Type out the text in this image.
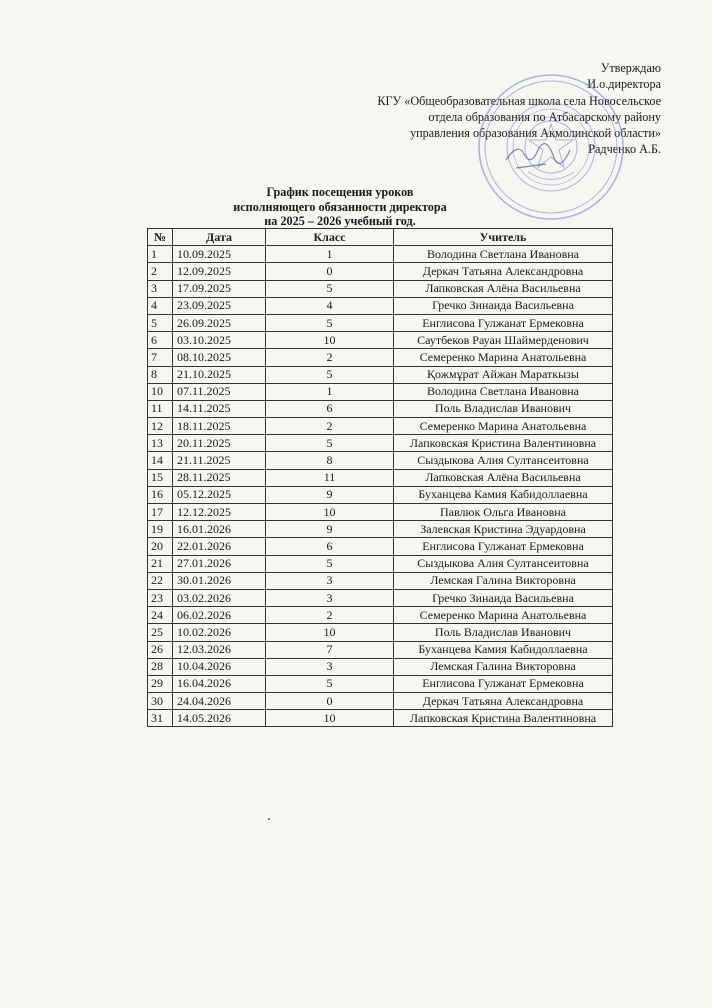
Утверждаю
И.о.директора
КГУ «Общеобразовательная школа села Новосельское
отдела образования по Атбасарскому району
управления образования Акмолинской области»
Радченко А.Б.
График посещения уроков
исполняющего обязанности директора
на 2025 – 2026 учебный год.
№	Дата	Класс	Учитель
1	10.09.2025	1	Володина Светлана Ивановна
2	12.09.2025	0	Деркач Татьяна Александровна
3	17.09.2025	5	Лапковская Алёна Васильевна
4	23.09.2025	4	Гречко Зинаида Васильевна
5	26.09.2025	5	Енглисова Гулжанат Ермековна
6	03.10.2025	10	Саутбеков Рауан Шаймерденович
7	08.10.2025	2	Семеренко Марина Анатольевна
8	21.10.2025	5	Қожмұрат Айжан Мараткызы
10	07.11.2025	1	Володина Светлана Ивановна
11	14.11.2025	6	Поль Владислав Иванович
12	18.11.2025	2	Семеренко Марина Анатольевна
13	20.11.2025	5	Лапковская Кристина Валентиновна
14	21.11.2025	8	Сыздыкова Алия Султансеитовна
15	28.11.2025	11	Лапковская Алёна Васильевна
16	05.12.2025	9	Буханцева Камия Кабидоллаевна
17	12.12.2025	10	Павлюк Ольга Ивановна
19	16.01.2026	9	Залевская Кристина Эдуардовна
20	22.01.2026	6	Енглисова Гулжанат Ермековна
21	27.01.2026	5	Сыздыкова Алия Султансеитовна
22	30.01.2026	3	Лемская Галина Викторовна
23	03.02.2026	3	Гречко Зинаида Васильевна
24	06.02.2026	2	Семеренко Марина Анатольевна
25	10.02.2026	10	Поль Владислав Иванович
26	12.03.2026	7	Буханцева Камия Кабидоллаевна
28	10.04.2026	3	Лемская Галина Викторовна
29	16.04.2026	5	Енглисова Гулжанат Ермековна
30	24.04.2026	0	Деркач Татьяна Александровна
31	14.05.2026	10	Лапковская Кристина Валентиновна
